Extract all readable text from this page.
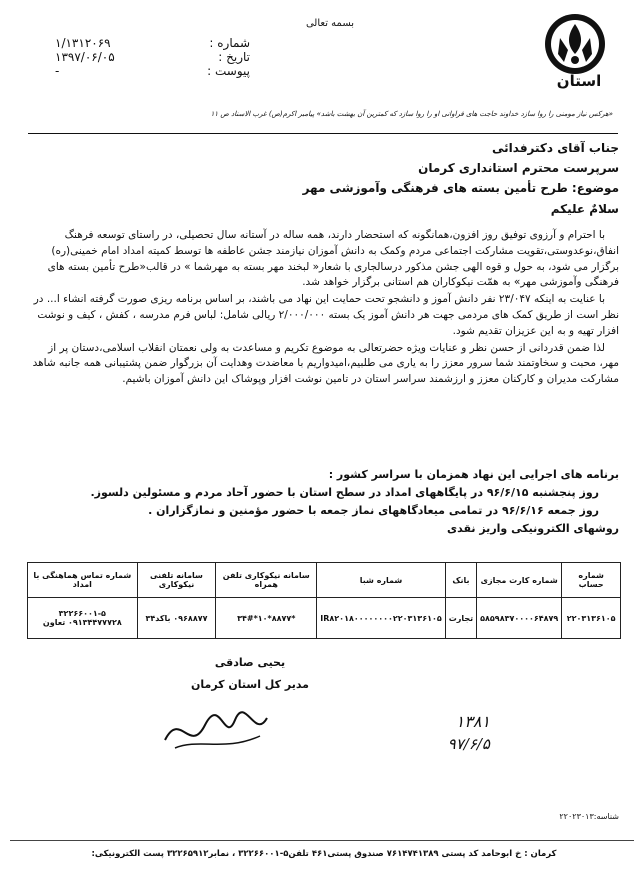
بسمه تعالی
استان
۱/۱۳۱۲۰۶۹	شماره :
۱۳۹۷/۰۶/۰۵	تاریخ :
-	پیوست :
«هرکس نیاز مومنی را روا سازد خداوند حاجت های فراوانی او را روا سازد که کمترین آن بهشت باشد» پیامبر اکرم(ص) غرب الاسناد ص ۱۱
جناب آقای دکترفدائی
سرپرست محترم استانداری کرمان
موضوع: طرح تأمین بسته های فرهنگی وآموزشی مهر
سلامٌ علیکم

با احترام و آرزوی توفیق روز افزون،همانگونه که استحضار دارند، همه ساله در آستانه سال تحصیلی، در راستای توسعه فرهنگ انفاق،نوعدوستی،تقویت مشارکت اجتماعی مردم وکمک به دانش آموزان نیازمند جشن عاطفه ها توسط کمیته امداد امام خمینی(ره) برگزار می شود، به حول و قوه الهی جشن مذکور درسالجاری با شعار« لبخند مهر بسته به مهرشما » در قالب«طرح تأمین بسته های فرهنگی وآموزشی مهر» به همّت نیکوکاران هم استانی برگزار خواهد شد.

با عنایت به اینکه ۲۳/۰۴۷ نفر دانش آموز و دانشجو تحت حمایت این نهاد می باشند، بر اساس برنامه ریزی صورت گرفته انشاء ا... در نظر است از طریق کمک های مردمی جهت هر دانش آموز یک بسته ۲/۰۰۰/۰۰۰ ریالی شامل: لباس فرم مدرسه ، کفش ، کیف و نوشت افزار تهیه و به این عزیزان تقدیم شود.

لذا ضمن قدردانی از حسن نظر و عنایات ویژه حضرتعالی به موضوع تکریم و مساعدت به ولی نعمتان انقلاب اسلامی،دستان پر از مهر، محبت و سخاوتمند شما سرور معزز را به یاری می طلبیم،امیدواریم با معاضدت وهدایت آن بزرگوار ضمن پشتیبانی همه جانبه شاهد مشارکت مدیران و کارکنان معزز و ارزشمند سراسر استان در تامین نوشت افزار وپوشاک این دانش آموزان باشیم.

برنامه های اجرایی این نهاد همزمان با سراسر کشور :
روز پنجشنبه ۹۶/۶/۱۵ در پایگاههای امداد در سطح استان با حضور آحاد مردم و مسئولین دلسوز.
روز جمعه ۹۶/۶/۱۶ در تمامی میعادگاههای نماز جمعه با حضور مؤمنین و نمازگزاران .
روشهای الکترونیکی واریز نقدی
شماره حساب	شماره کارت مجازی	بانک	شماره شبا	سامانه نیکوکاری تلفن همراه	سامانه تلفنی نیکوکاری	شماره تماس هماهنگی با امداد
۲۲۰۳۱۳۶۱۰۵	۵۸۵۹۸۳۷۰۰۰۰۶۴۸۷۹	تجارت	IR۸۲۰۱۸۰۰۰۰۰۰۰۰۲۲۰۳۱۳۶۱۰۵	*۸۸۷۷*۱۰*۳۴#	۰۹۶۸۸۷۷ باکد۳۴	۳۲۲۶۶۰۰۱-۵ ۰۹۱۳۴۴۷۷۷۲۸ تعاون
یحیی صادقی
مدیر کل استان کرمان
۱۳۸۱
۹۷/۶/۵
شناسه:۲۲۰۲۳۰۱۳
کرمان : خ ابوحامد کد پستی ۷۶۱۴۷۴۱۳۸۹ صندوق پستی۴۶۱ تلفن۵-۳۲۲۶۶۰۰۱ ، نمابر۳۲۲۶۵۹۱۲ پست الکترونیکی:
